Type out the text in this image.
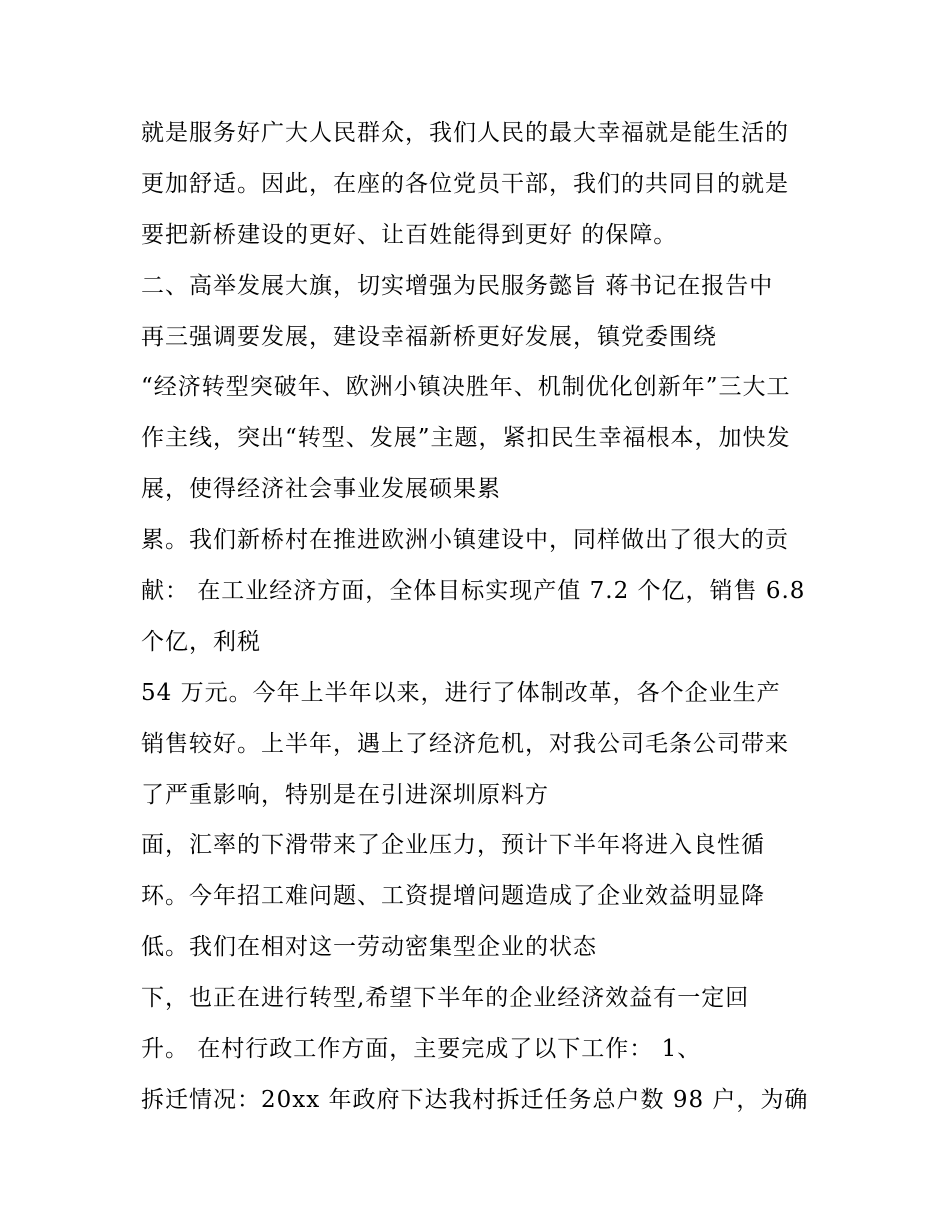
就是服务好广大人民群众，我们人民的最大幸福就是能生活的
更加舒适。因此，在座的各位党员干部，我们的共同目的就是
要把新桥建设的更好、让百姓能得到更好 的保障。
二、高举发展大旗，切实增强为民服务懿旨 蒋书记在报告中
再三强调要发展，建设幸福新桥更好发展，镇党委围绕
“经济转型突破年、欧洲小镇决胜年、机制优化创新年”三大工
作主线，突出“转型、发展”主题，紧扣民生幸福根本，加快发
展，使得经济社会事业发展硕果累
累。我们新桥村在推进欧洲小镇建设中，同样做出了很大的贡
献： 在工业经济方面，全体目标实现产值 7.2 个亿，销售 6.8
个亿，利税
54 万元。今年上半年以来，进行了体制改革，各个企业生产
销售较好。上半年，遇上了经济危机，对我公司毛条公司带来
了严重影响，特别是在引进深圳原料方
面，汇率的下滑带来了企业压力，预计下半年将进入良性循
环。今年招工难问题、工资提增问题造成了企业效益明显降
低。我们在相对这一劳动密集型企业的状态
下，也正在进行转型,希望下半年的企业经济效益有一定回
升。 在村行政工作方面，主要完成了以下工作： 1、
拆迁情况：20xx 年政府下达我村拆迁任务总户数 98 户，为确
